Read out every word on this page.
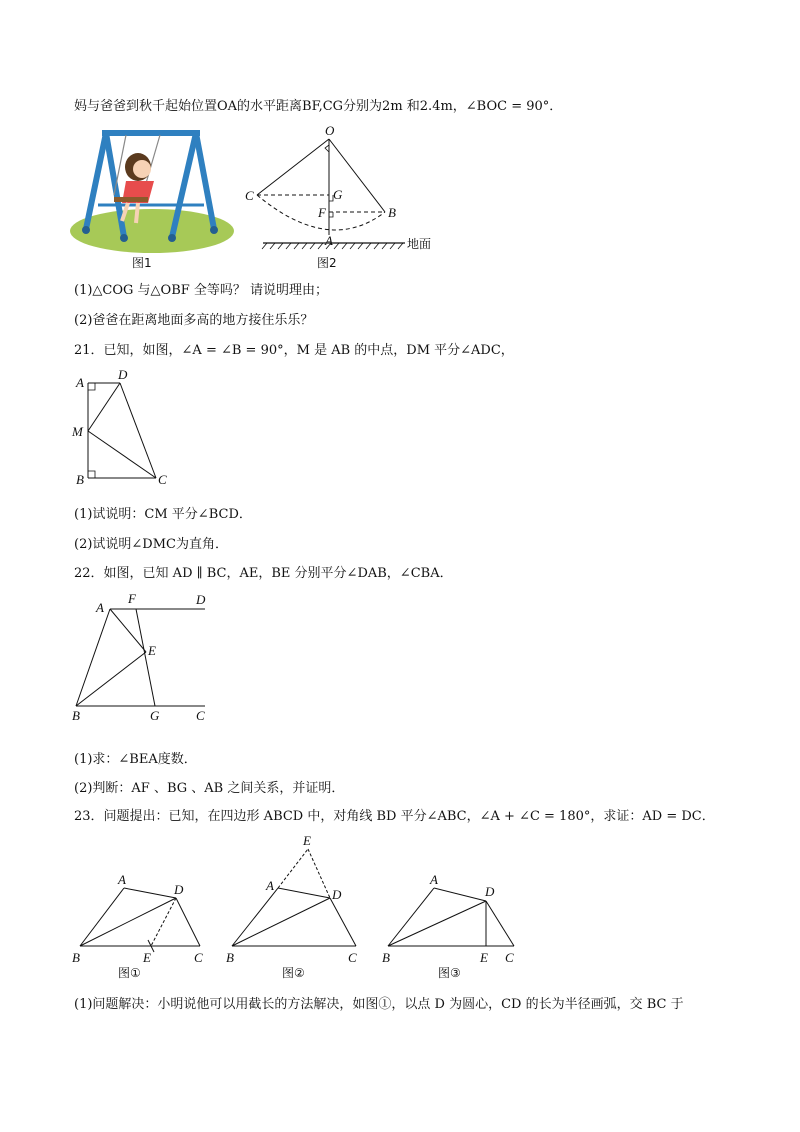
妈与爸爸到秋千起始位置OA的水平距离BF,CG分别为2m 和2.4m，∠BOC = 90°．
图1
O
C	G
F	B
A	地面
图2
(1)△COG 与△OBF 全等吗？ 请说明理由；
(2)爸爸在距离地面多高的地方接住乐乐？
21．已知，如图，∠A = ∠B = 90°，M 是 AB 的中点，DM 平分∠ADC，
A
D
M
B	C
(1)试说明：CM 平分∠BCD．
(2)试说明∠DMC为直角．
22．如图，已知 AD ∥ BC，AE，BE 分别平分∠DAB，∠CBA．
A
F	D
E
B	G	C
(1)求：∠BEA度数．
(2)判断：AF 、BG 、AB 之间关系，并证明．
23．问题提出：已知，在四边形 ABCD 中，对角线 BD 平分∠ABC，∠A + ∠C = 180°，求证：AD = DC．
A
D
B	E	C
图①
E
A
D
B	C
图②
A
D
B	E C
图③
(1)问题解决：小明说他可以用截长的方法解决，如图①，以点 D 为圆心，CD 的长为半径画弧，交 BC 于
